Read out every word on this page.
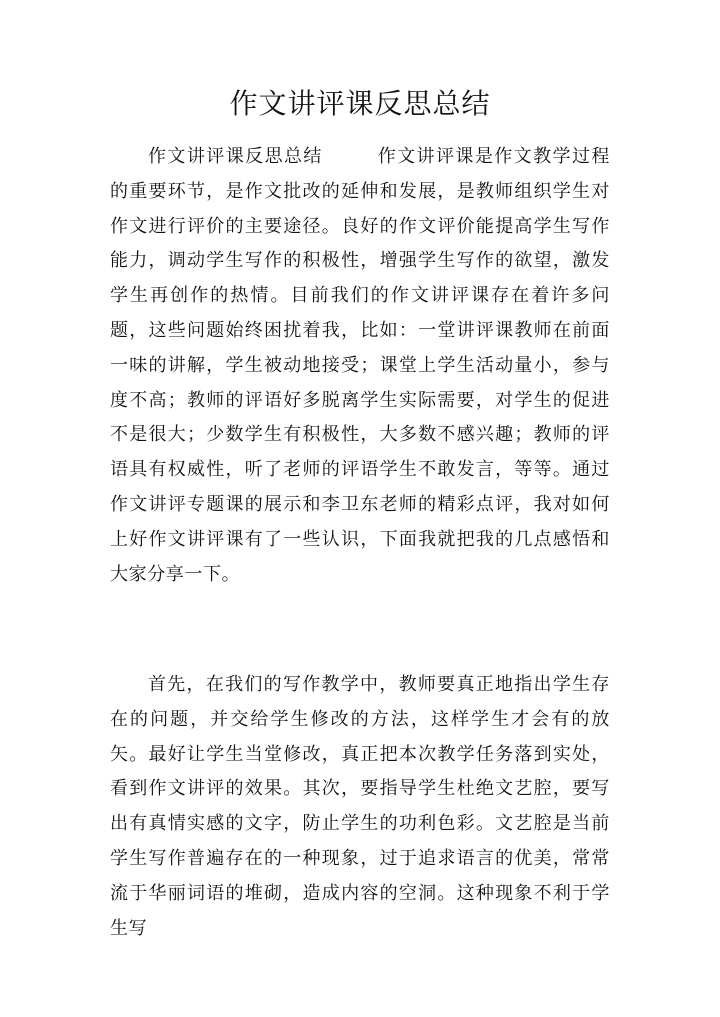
作文讲评课反思总结

作文讲评课反思总结	作文讲评课是作文教学过程的重要环节，是作文批改的延伸和发展，是教师组织学生对作文进行评价的主要途径。良好的作文评价能提高学生写作能力，调动学生写作的积极性，增强学生写作的欲望，激发学生再创作的热情。目前我们的作文讲评课存在着许多问题，这些问题始终困扰着我，比如：一堂讲评课教师在前面一味的讲解，学生被动地接受；课堂上学生活动量小，参与度不高；教师的评语好多脱离学生实际需要，对学生的促进不是很大；少数学生有积极性，大多数不感兴趣；教师的评语具有权威性，听了老师的评语学生不敢发言，等等。通过作文讲评专题课的展示和李卫东老师的精彩点评，我对如何上好作文讲评课有了一些认识，下面我就把我的几点感悟和大家分享一下。

首先，在我们的写作教学中，教师要真正地指出学生存在的问题，并交给学生修改的方法，这样学生才会有的放矢。最好让学生当堂修改，真正把本次教学任务落到实处，看到作文讲评的效果。其次，要指导学生杜绝文艺腔，要写出有真情实感的文字，防止学生的功利色彩。文艺腔是当前学生写作普遍存在的一种现象，过于追求语言的优美，常常流于华丽词语的堆砌，造成内容的空洞。这种现象不利于学生写
